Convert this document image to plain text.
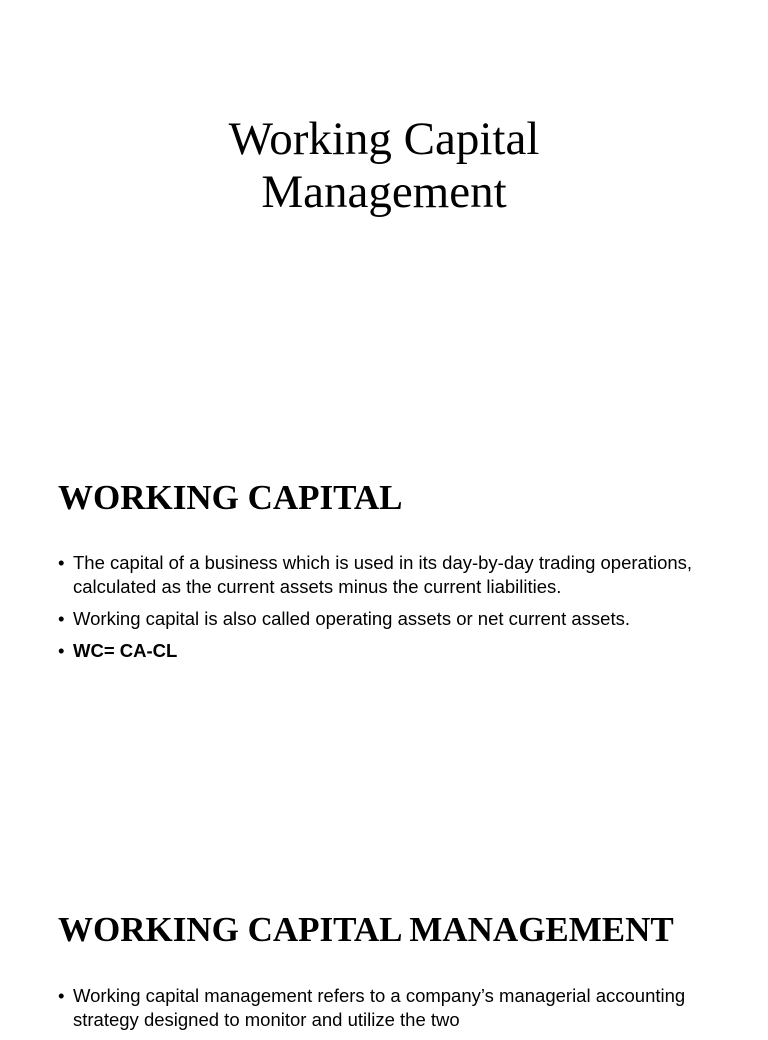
Working Capital
Management
WORKING CAPITAL
• The capital of a business which is used in its day-by-day trading operations, calculated as the current assets minus the current liabilities.
• Working capital is also called operating assets or net current assets.
• WC= CA-CL
WORKING CAPITAL MANAGEMENT
• Working capital management refers to a company’s managerial accounting strategy designed to monitor and utilize the two
